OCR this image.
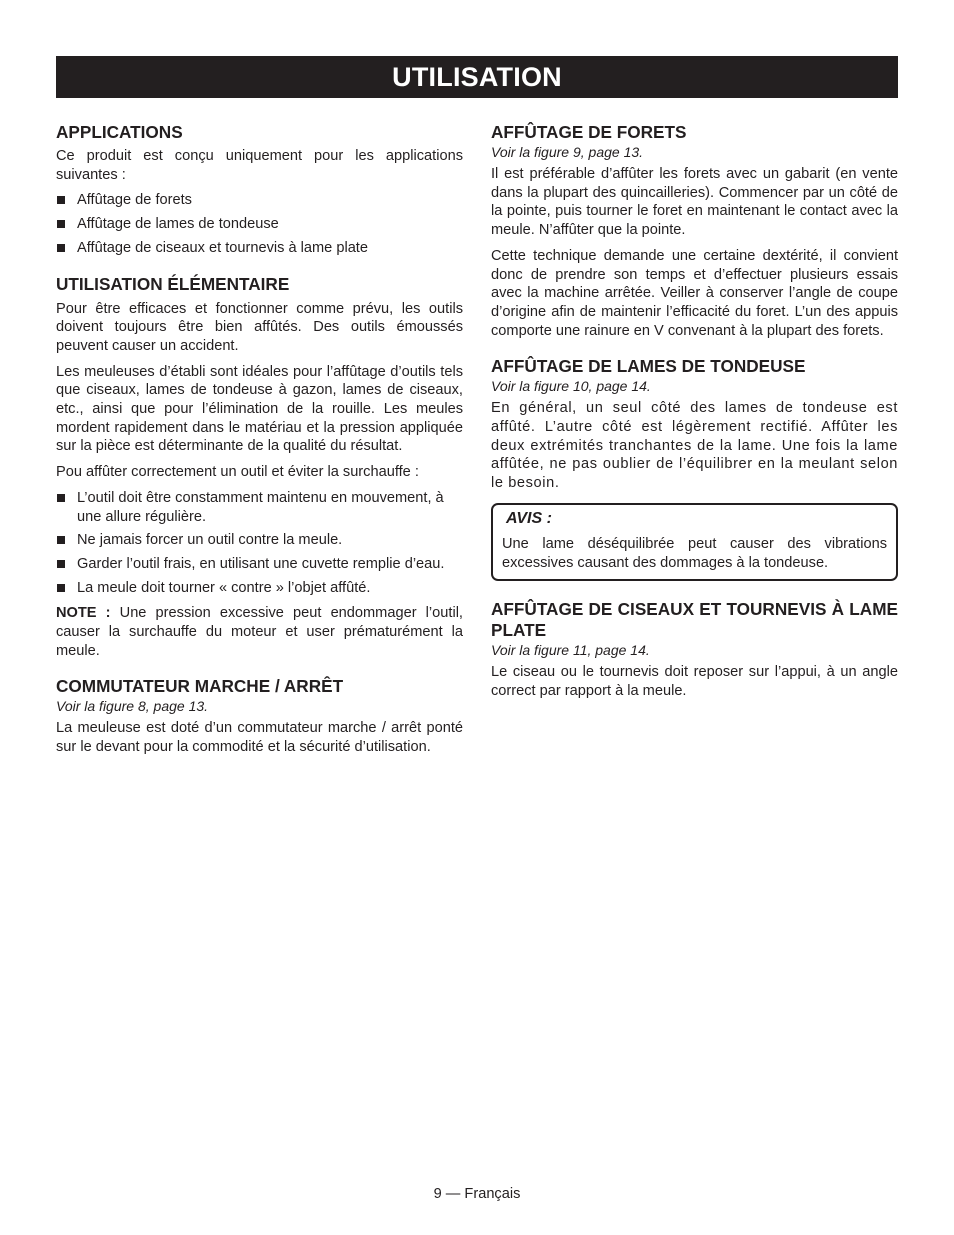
UTILISATION
APPLICATIONS

Ce produit est conçu uniquement pour les applications suivantes :

Affûtage de forets
Affûtage de lames de tondeuse
Affûtage de ciseaux et tournevis à lame plate
UTILISATION ÉLÉMENTAIRE

Pour être efficaces et fonctionner comme prévu, les outils doivent toujours être bien affûtés. Des outils émoussés peuvent causer un accident.

Les meuleuses d’établi sont idéales pour l’affûtage d’outils tels que ciseaux, lames de tondeuse à gazon, lames de ciseaux, etc., ainsi que pour l’élimination de la rouille. Les meules mordent rapidement dans le matériau et la pression appliquée sur la pièce est déterminante de la qualité du résultat.

Pou affûter correctement un outil et éviter la surchauffe :

L’outil doit être constamment maintenu en mouvement, à une allure régulière.
Ne jamais forcer un outil contre la meule.
Garder l’outil frais, en utilisant une cuvette remplie d’eau.
La meule doit tourner « contre » l’objet affûté.

NOTE : Une pression excessive peut endommager l’outil, causer la surchauffe du moteur et user prématurément la meule.

COMMUTATEUR MARCHE / ARRÊT
Voir la figure 8, page 13.

La meuleuse est doté d’un commutateur marche / arrêt ponté sur le devant pour la commodité et la sécurité d’utilisation.

AFFÛTAGE DE FORETS
Voir la figure 9, page 13.

Il est préférable d’affûter les forets avec un gabarit (en vente dans la plupart des quincailleries). Commencer par un côté de la pointe, puis tourner le foret en maintenant le contact avec la meule. N’affûter que la pointe.

Cette technique demande une certaine dextérité, il convient donc de prendre son temps et d’effectuer plusieurs essais avec la machine arrêtée. Veiller à conserver l’angle de coupe d’origine afin de maintenir l’efficacité du foret. L’un des appuis comporte une rainure en V convenant à la plupart des forets.

AFFÛTAGE DE LAMES DE TONDEUSE
Voir la figure 10, page 14.

En général, un seul côté des lames de tondeuse est affûté. L’autre côté est légèrement rectifié. Affûter les deux extrémités tranchantes de la lame. Une fois la lame affûtée, ne pas oublier de l’équilibrer en la meulant selon le besoin.

AVIS :

Une lame déséquilibrée peut causer des vibrations excessives causant des dommages à la tondeuse.

AFFÛTAGE DE CISEAUX ET TOURNEVIS À LAME PLATE
Voir la figure 11, page 14.

Le ciseau ou le tournevis doit reposer sur l’appui, à un angle correct par rapport à la meule.

9 — Français
